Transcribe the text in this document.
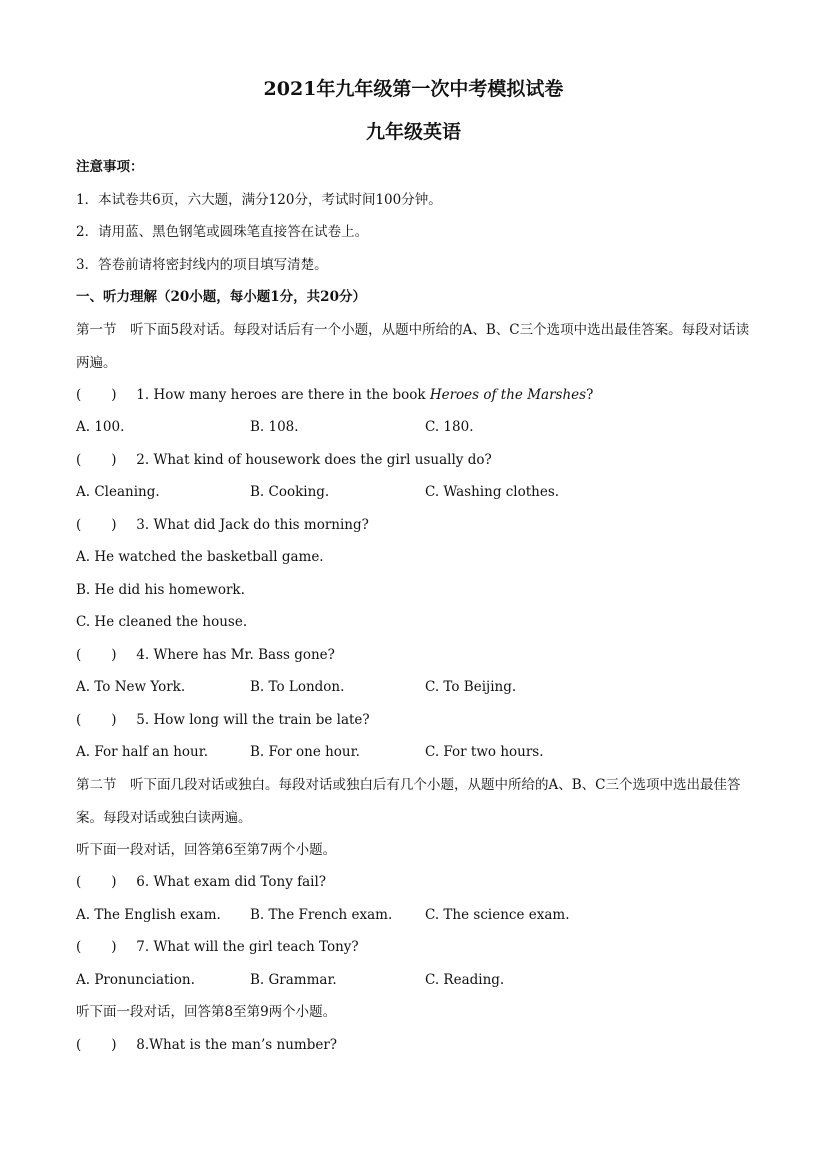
2021年九年级第一次中考模拟试卷
九年级英语
注意事项：
1．本试卷共6页，六大题，满分120分，考试时间100分钟。
2．请用蓝、黑色钢笔或圆珠笔直接答在试卷上。
3．答卷前请将密封线内的项目填写清楚。
一、听力理解（20小题，每小题1分，共20分）
第一节　听下面5段对话。每段对话后有一个小题，从题中所给的A、B、C三个选项中选出最佳答案。每段对话读两遍。
( ) 1. How many heroes are there in the book Heroes of the Marshes?
A. 100.	B. 108.	C. 180.
( ) 2. What kind of housework does the girl usually do?
A. Cleaning.	B. Cooking.	C. Washing clothes.
( ) 3. What did Jack do this morning?
A. He watched the basketball game.
B. He did his homework.
C. He cleaned the house.
( ) 4. Where has Mr. Bass gone?
A. To New York.	B. To London.	C. To Beijing.
( ) 5. How long will the train be late?
A. For half an hour.	B. For one hour.	C. For two hours.
第二节　听下面几段对话或独白。每段对话或独白后有几个小题，从题中所给的A、B、C三个选项中选出最佳答案。每段对话或独白读两遍。
听下面一段对话，回答第6至第7两个小题。
( ) 6. What exam did Tony fail?
A. The English exam. B. The French exam. C. The science exam.
( ) 7. What will the girl teach Tony?
A. Pronunciation.	B. Grammar.	C. Reading.
听下面一段对话，回答第8至第9两个小题。
( ) 8.What is the man’s number?
